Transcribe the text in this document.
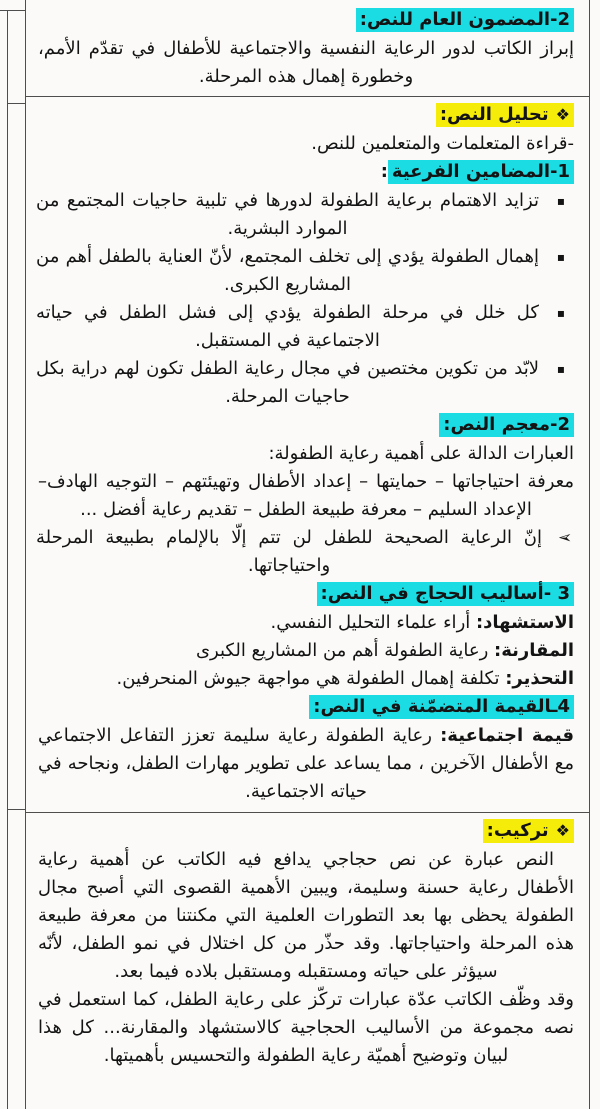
2-المضمون العام للنص:

إبراز الكاتب لدور الرعاية النفسية والاجتماعية للأطفال في تقدّم الأمم، وخطورة إهمال هذه المرحلة.

❖تحليل النص:

-قراءة المتعلمات والمتعلمين للنص.

1-المضامين الفرعية:
▪
تزايد الاهتمام برعاية الطفولة لدورها في تلبية حاجيات المجتمع من الموارد البشرية.
▪
إهمال الطفولة يؤدي إلى تخلف المجتمع، لأنّ العناية بالطفل أهم من المشاريع الكبرى.
▪
كل خلل في مرحلة الطفولة يؤدي إلى فشل الطفل في حياته الاجتماعية في المستقبل.
▪
لابّد من تكوين مختصين في مجال رعاية الطفل تكون لهم دراية بكل حاجيات المرحلة.
2-معجم النص:

العبارات الدالة على أهمية رعاية الطفولة:

معرفة احتياجاتها – حمايتها – إعداد الأطفال وتهيئتهم – التوجيه الهادف– الإعداد السليم – معرفة طبيعة الطفل – تقديم رعاية أفضل ...

➢
إنّ الرعاية الصحيحة للطفل لن تتم إلّا بالإلمام بطبيعة المرحلة واحتياجاتها.
3 -أساليب الحجاج في النص:

الاستشهاد: أراء علماء التحليل النفسي.

المقارنة: رعاية الطفولة أهم من المشاريع الكبرى

التحذير: تكلفة إهمال الطفولة هي مواجهة جيوش المنحرفين.

4ـالقيمة المتضمّنة في النص:

قيمة اجتماعية: رعاية الطفولة رعاية سليمة تعزز التفاعل الاجتماعي مع الأطفال الآخرين ، مما يساعد على تطوير مهارات الطفل، ونجاحه في حياته الاجتماعية.

❖تركيب:

النص عبارة عن نص حجاجي يدافع فيه الكاتب عن أهمية رعاية الأطفال رعاية حسنة وسليمة، ويبين الأهمية القصوى التي أصبح مجال الطفولة يحظى بها بعد التطورات العلمية التي مكنتنا من معرفة طبيعة هذه المرحلة واحتياجاتها. وقد حذّر من كل اختلال في نمو الطفل، لأنّه سيؤثر على حياته ومستقبله ومستقبل بلاده فيما بعد.

وقد وظّف الكاتب عدّة عبارات تركّز على رعاية الطفل، كما استعمل في نصه مجموعة من الأساليب الحجاجية كالاستشهاد والمقارنة... كل هذا لبيان وتوضيح أهميّة رعاية الطفولة والتحسيس بأهميتها.
